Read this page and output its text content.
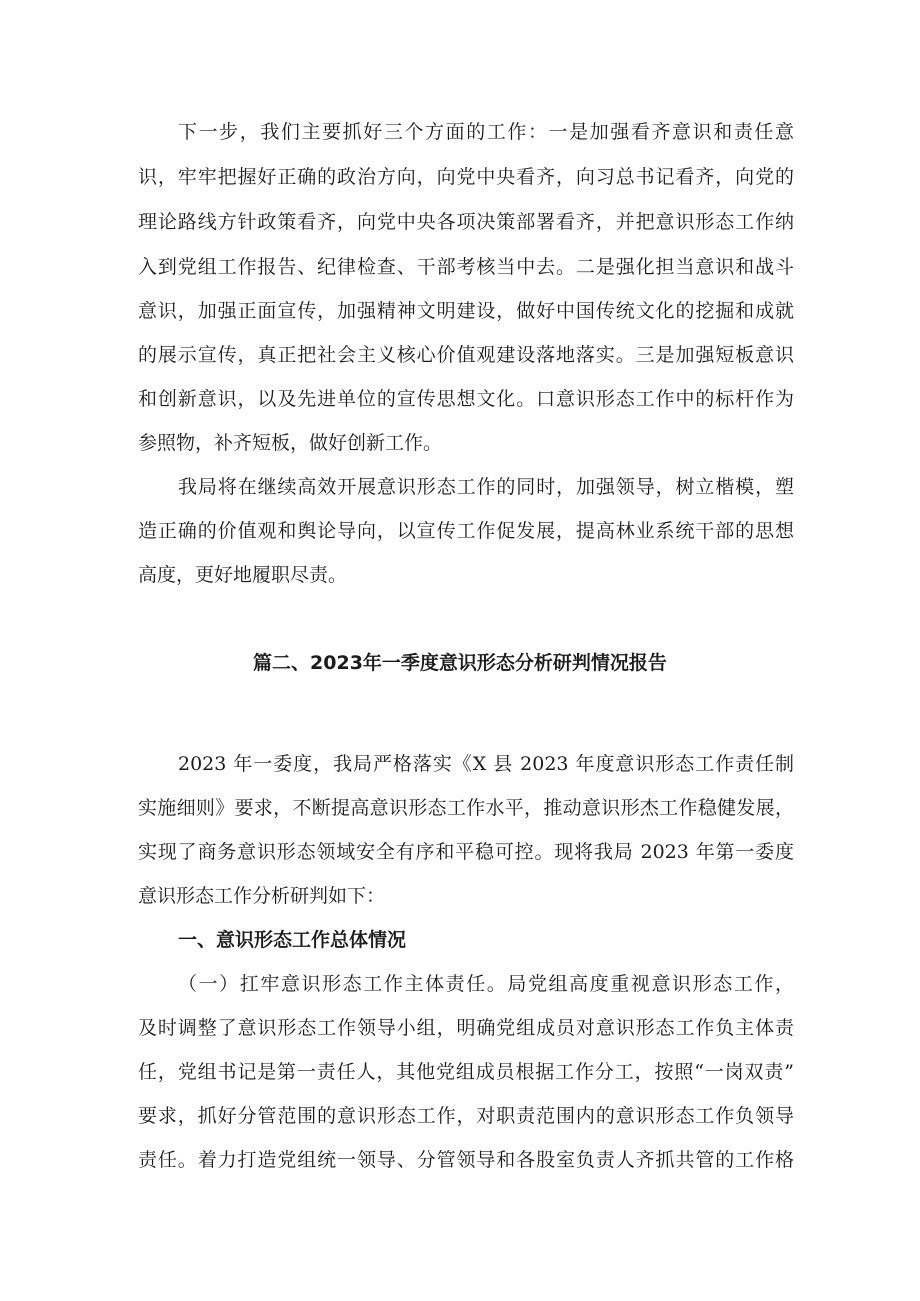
下一步，我们主要抓好三个方面的工作：一是加强看齐意识和责任意
识，牢牢把握好正确的政治方向，向党中央看齐，向习总书记看齐，向党的
理论路线方针政策看齐，向党中央各项决策部署看齐，并把意识形态工作纳
入到党组工作报告、纪律检查、干部考核当中去。二是强化担当意识和战斗
意识，加强正面宣传，加强精神文明建设，做好中国传统文化的挖掘和成就
的展示宣传，真正把社会主义核心价值观建设落地落实。三是加强短板意识
和创新意识，以及先进单位的宣传思想文化。口意识形态工作中的标杆作为
参照物，补齐短板，做好创新工作。
我局将在继续高效开展意识形态工作的同时，加强领导，树立楷模，塑
造正确的价值观和舆论导向，以宣传工作促发展，提高林业系统干部的思想
高度，更好地履职尽责。
篇二、2023年一季度意识形态分析研判情况报告
2023 年一委度，我局严格落实《X 县 2023 年度意识形态工作责任制
实施细则》要求，不断提高意识形态工作水平，推动意识形杰工作稳健发展，
实现了商务意识形态领域安全有序和平稳可控。现将我局 2023 年第一委度
意识形态工作分析研判如下：
一、意识形态工作总体情况
（一）扛牢意识形态工作主体责任。局党组高度重视意识形态工作，
及时调整了意识形态工作领导小组，明确党组成员对意识形态工作负主体责
任，党组书记是第一责任人，其他党组成员根据工作分工，按照“一岗双责”
要求，抓好分管范围的意识形态工作，对职责范围内的意识形态工作负领导
责任。着力打造党组统一领导、分管领导和各股室负责人齐抓共管的工作格
